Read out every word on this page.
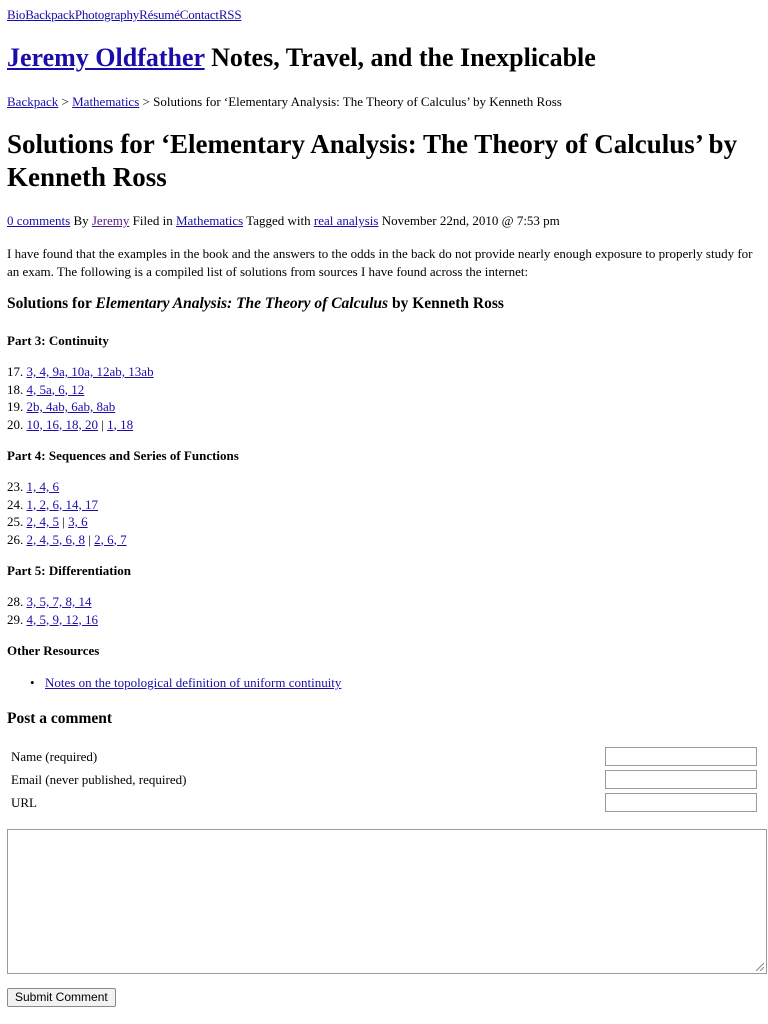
BioBackpackPhotographyRésuméContactRSS
Jeremy Oldfather Notes, Travel, and the Inexplicable
Backpack > Mathematics > Solutions for ‘Elementary Analysis: The Theory of Calculus’ by Kenneth Ross
Solutions for ‘Elementary Analysis: The Theory of Calculus’ by Kenneth Ross
0 comments By Jeremy Filed in Mathematics Tagged with real analysis November 22nd, 2010 @ 7:53 pm

I have found that the examples in the book and the answers to the odds in the back do not provide nearly enough exposure to properly study for an exam. The following is a compiled list of solutions from sources I have found across the internet:

Solutions for Elementary Analysis: The Theory of Calculus by Kenneth Ross
Part 3: Continuity
17. 3, 4, 9a, 10a, 12ab, 13ab
18. 4, 5a, 6, 12
19. 2b, 4ab, 6ab, 8ab
20. 10, 16, 18, 20 | 1, 18
Part 4: Sequences and Series of Functions
23. 1, 4, 6
24. 1, 2, 6, 14, 17
25. 2, 4, 5 | 3, 6
26. 2, 4, 5, 6, 8 | 2, 6, 7
Part 5: Differentiation
28. 3, 5, 7, 8, 14
29. 4, 5, 9, 12, 16
Other Resources
• Notes on the topological definition of uniform continuity
Post a comment
Name (required)
Email (never published, required)
URL
Submit Comment
